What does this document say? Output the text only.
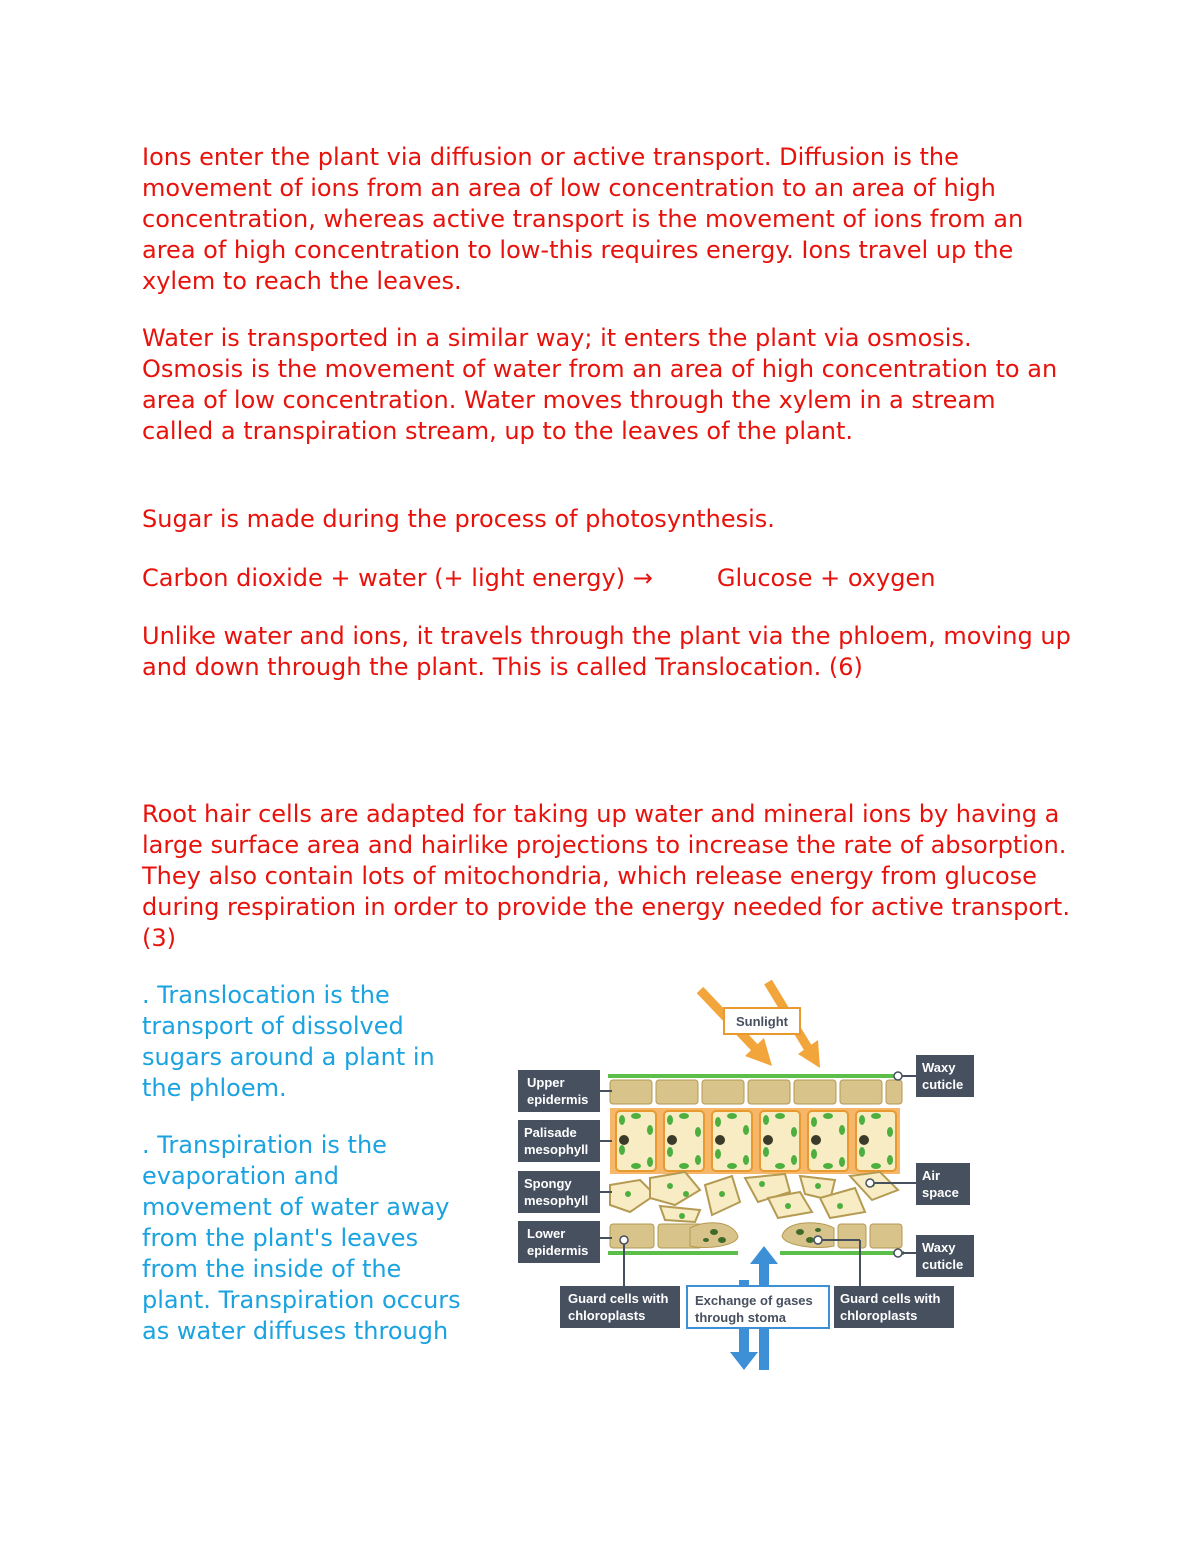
Ions enter the plant via diffusion or active transport. Diffusion is the movement of ions from an area of low concentration to an area of high concentration, whereas active transport is the movement of ions from an area of high concentration to low-this requires energy. Ions travel up the xylem to reach the leaves.

Water is transported in a similar way; it enters the plant via osmosis. Osmosis is the movement of water from an area of high concentration to an area of low concentration. Water moves through the xylem in a stream called a transpiration stream, up to the leaves of the plant.

Sugar is made during the process of photosynthesis.

Carbon dioxide + water (+ light energy) →	Glucose + oxygen

Unlike water and ions, it travels through the plant via the phloem, moving up and down through the plant. This is called Translocation. (6)

Root hair cells are adapted for taking up water and mineral ions by having a large surface area and hairlike projections to increase the rate of absorption. They also contain lots of mitochondria, which release energy from glucose during respiration in order to provide the energy needed for active transport. (3)

. Translocation is the transport of dissolved sugars around a plant in the phloem.

. Transpiration is the evaporation and movement of water away from the plant's leaves from the inside of the plant. Transpiration occurs as water diffuses through

Sunlight
Upper
epidermis
Palisade
mesophyll
Spongy
mesophyll
Lower
epidermis
Waxy
cuticle
Air
space
Waxy
cuticle
Guard cells with
chloroplasts
Exchange of gases
through stoma
Guard cells with
chloroplasts
